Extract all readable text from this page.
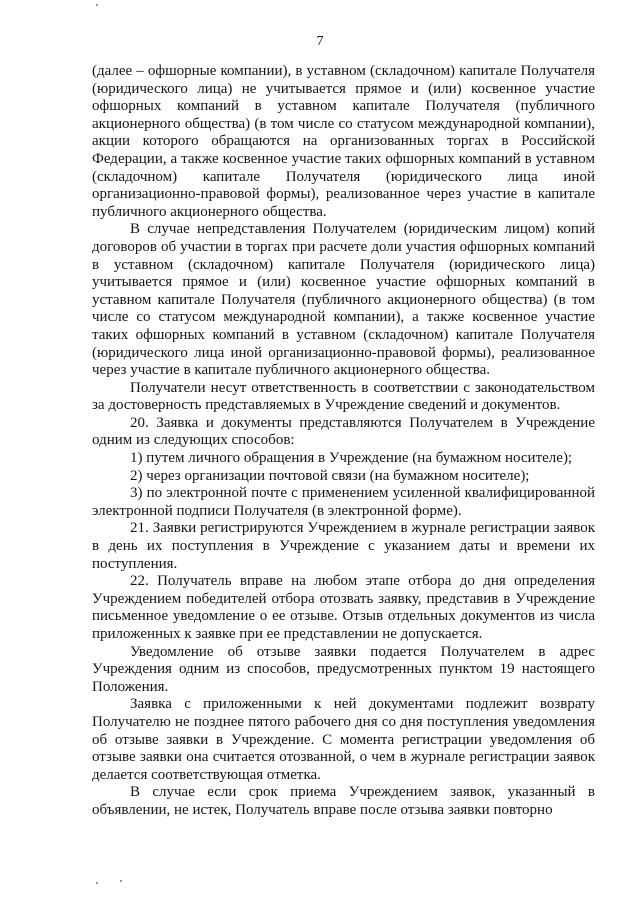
7

(далее – офшорные компании), в уставном (складочном) капитале Получателя (юридического лица) не учитывается прямое и (или) косвенное участие офшорных компаний в уставном капитале Получателя (публичного акционерного общества) (в том числе со статусом международной компании), акции которого обращаются на организованных торгах в Российской Федерации, а также косвенное участие таких офшорных компаний в уставном (складочном) капитале Получателя (юридического лица иной организационно-правовой формы), реализованное через участие в капитале публичного акционерного общества.

В случае непредставления Получателем (юридическим лицом) копий договоров об участии в торгах при расчете доли участия офшорных компаний в уставном (складочном) капитале Получателя (юридического лица) учитывается прямое и (или) косвенное участие офшорных компаний в уставном капитале Получателя (публичного акционерного общества) (в том числе со статусом международной компании), а также косвенное участие таких офшорных компаний в уставном (складочном) капитале Получателя (юридического лица иной организационно-правовой формы), реализованное через участие в капитале публичного акционерного общества.

Получатели несут ответственность в соответствии с законодательством за достоверность представляемых в Учреждение сведений и документов.

20. Заявка и документы представляются Получателем в Учреждение одним из следующих способов:

1) путем личного обращения в Учреждение (на бумажном носителе);

2) через организации почтовой связи (на бумажном носителе);

3) по электронной почте с применением усиленной квалифицированной электронной подписи Получателя (в электронной форме).

21. Заявки регистрируются Учреждением в журнале регистрации заявок в день их поступления в Учреждение с указанием даты и времени их поступления.

22. Получатель вправе на любом этапе отбора до дня определения Учреждением победителей отбора отозвать заявку, представив в Учреждение письменное уведомление о ее отзыве. Отзыв отдельных документов из числа приложенных к заявке при ее представлении не допускается.

Уведомление об отзыве заявки подается Получателем в адрес Учреждения одним из способов, предусмотренных пунктом 19 настоящего Положения.

Заявка с приложенными к ней документами подлежит возврату Получателю не позднее пятого рабочего дня со дня поступления уведомления об отзыве заявки в Учреждение. С момента регистрации уведомления об отзыве заявки она считается отозванной, о чем в журнале регистрации заявок делается соответствующая отметка.

В случае если срок приема Учреждением заявок, указанный в объявлении, не истек, Получатель вправе после отзыва заявки повторно
